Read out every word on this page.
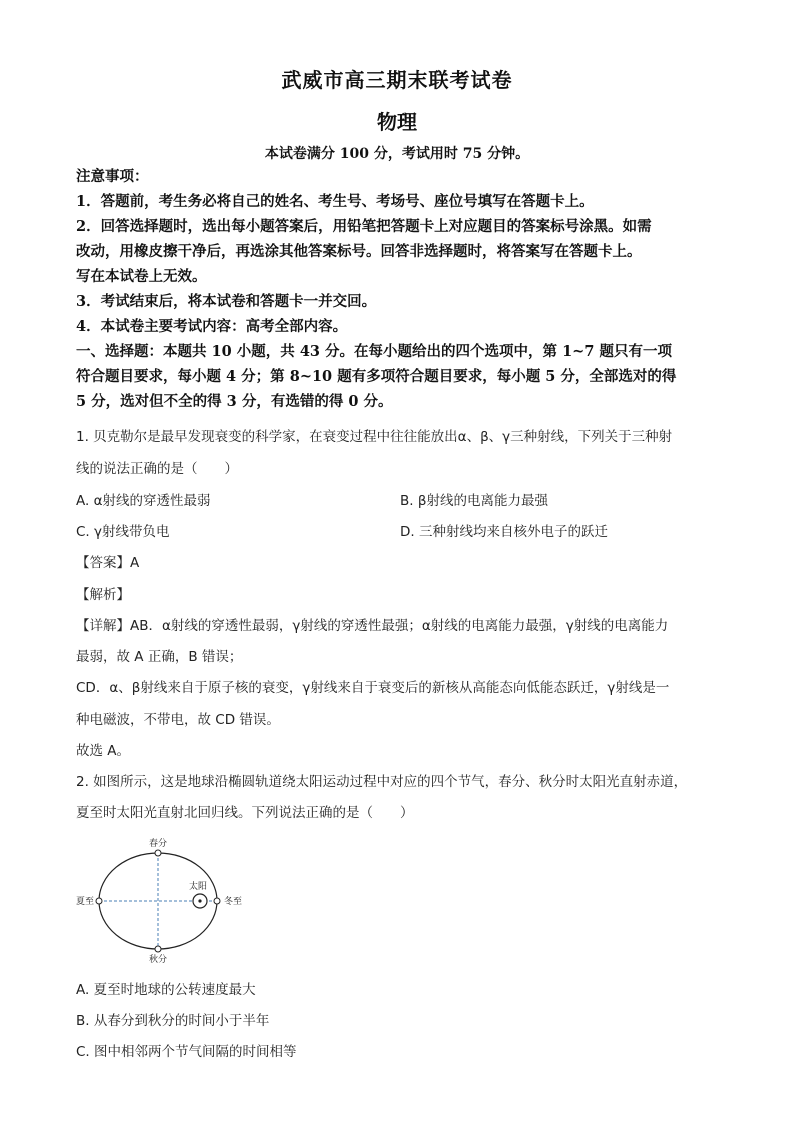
武威市高三期末联考试卷
物理
本试卷满分 100 分，考试用时 75 分钟。
注意事项：
1．答题前，考生务必将自己的姓名、考生号、考场号、座位号填写在答题卡上。
2．回答选择题时，选出每小题答案后，用铅笔把答题卡上对应题目的答案标号涂黑。如需
改动，用橡皮擦干净后，再选涂其他答案标号。回答非选择题时，将答案写在答题卡上。
写在本试卷上无效。
3．考试结束后，将本试卷和答题卡一并交回。
4．本试卷主要考试内容：高考全部内容。
一、选择题：本题共 10 小题，共 43 分。在每小题给出的四个选项中，第 1~7 题只有一项
符合题目要求，每小题 4 分；第 8~10 题有多项符合题目要求，每小题 5 分，全部选对的得
5 分，选对但不全的得 3 分，有选错的得 0 分。
1. 贝克勒尔是最早发现衰变的科学家，在衰变过程中往往能放出α、β、γ三种射线，下列关于三种射
线的说法正确的是（　　）
A. α射线的穿透性最弱	B. β射线的电离能力最强
C. γ射线带负电	D. 三种射线均来自核外电子的跃迁
【答案】A
【解析】
【详解】AB．α射线的穿透性最弱，γ射线的穿透性最强；α射线的电离能力最强，γ射线的电离能力
最弱，故 A 正确，B 错误；
CD．α、β射线来自于原子核的衰变，γ射线来自于衰变后的新核从高能态向低能态跃迁，γ射线是一
种电磁波，不带电，故 CD 错误。
故选 A。
2. 如图所示，这是地球沿椭圆轨道绕太阳运动过程中对应的四个节气，春分、秋分时太阳光直射赤道，
夏至时太阳光直射北回归线。下列说法正确的是（　　）
春分
秋分
夏至	冬至
太阳
A. 夏至时地球的公转速度最大
B. 从春分到秋分的时间小于半年
C. 图中相邻两个节气间隔的时间相等
